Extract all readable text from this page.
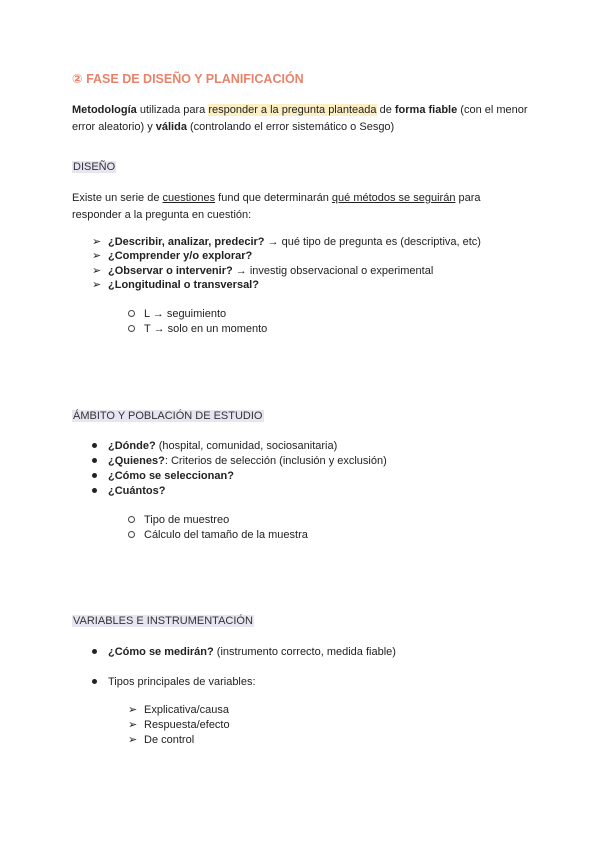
② FASE DE DISEÑO Y PLANIFICACIÓN
Metodología utilizada para responder a la pregunta planteada de forma fiable (con el menor error aleatorio) y válida (controlando el error sistemático o Sesgo)
DISEÑO
Existe un serie de cuestiones fund que determinarán qué métodos se seguirán para responder a la pregunta en cuestión:
➢ ¿Describir, analizar, predecir? → qué tipo de pregunta es (descriptiva, etc)
➢ ¿Comprender y/o explorar?
➢ ¿Observar o intervenir? → investig observacional o experimental
➢ ¿Longitudinal o transversal?
L → seguimiento
T → solo en un momento
ÁMBITO Y POBLACIÓN DE ESTUDIO
¿Dónde? (hospital, comunidad, sociosanitaria)
¿Quienes?: Criterios de selección (inclusión y exclusión)
¿Cómo se seleccionan?
¿Cuántos?
Tipo de muestreo
Cálculo del tamaño de la muestra
VARIABLES E INSTRUMENTACIÓN
¿Cómo se medirán? (instrumento correcto, medida fiable)
Tipos principales de variables:
➢ Explicativa/causa
➢ Respuesta/efecto
➢ De control
